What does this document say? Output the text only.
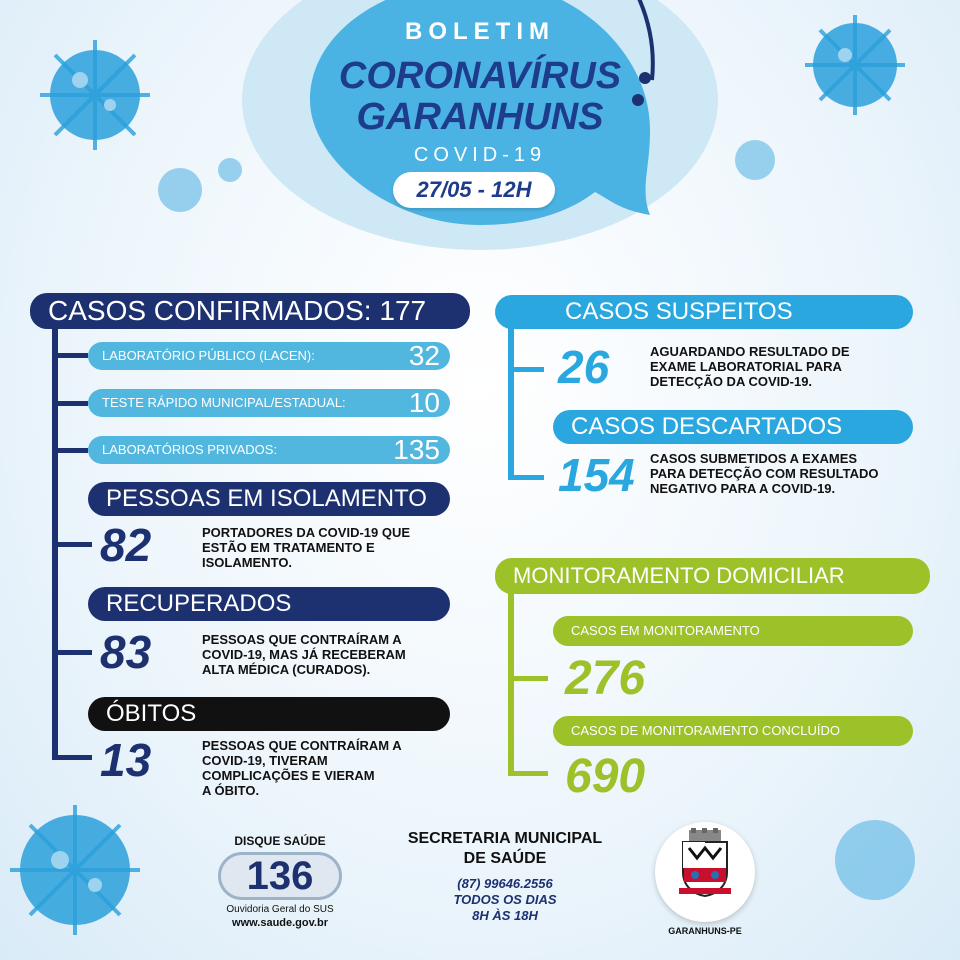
BOLETIM
CORONAVÍRUS
GARANHUNS
COVID-19
27/05 - 12H
CASOS CONFIRMADOS: 177
LABORATÓRIO PÚBLICO (LACEN):	32
TESTE RÁPIDO MUNICIPAL/ESTADUAL: 10
LABORATÓRIOS PRIVADOS:	135
PESSOAS EM ISOLAMENTO
82	PORTADORES DA COVID-19 QUE
ESTÃO EM TRATAMENTO E
ISOLAMENTO.
RECUPERADOS
83	PESSOAS QUE CONTRAÍRAM A
COVID-19, MAS JÁ RECEBERAM
ALTA MÉDICA (CURADOS).
ÓBITOS
13	PESSOAS QUE CONTRAÍRAM A
COVID-19, TIVERAM
COMPLICAÇÕES E VIERAM
A ÓBITO.
CASOS SUSPEITOS
26	AGUARDANDO RESULTADO DE
EXAME LABORATORIAL PARA
DETECÇÃO DA COVID-19.
CASOS DESCARTADOS
154 CASOS SUBMETIDOS A EXAMES
PARA DETECÇÃO COM RESULTADO
NEGATIVO PARA A COVID-19.
MONITORAMENTO DOMICILIAR
CASOS EM MONITORAMENTO
276
CASOS DE MONITORAMENTO CONCLUÍDO
690
DISQUE SAÚDE
136
Ouvidoria Geral do SUS
www.saude.gov.br
SECRETARIA MUNICIPAL
DE SAÚDE
(87) 99646.2556
TODOS OS DIAS
8H ÀS 18H
GARANHUNS-PE
